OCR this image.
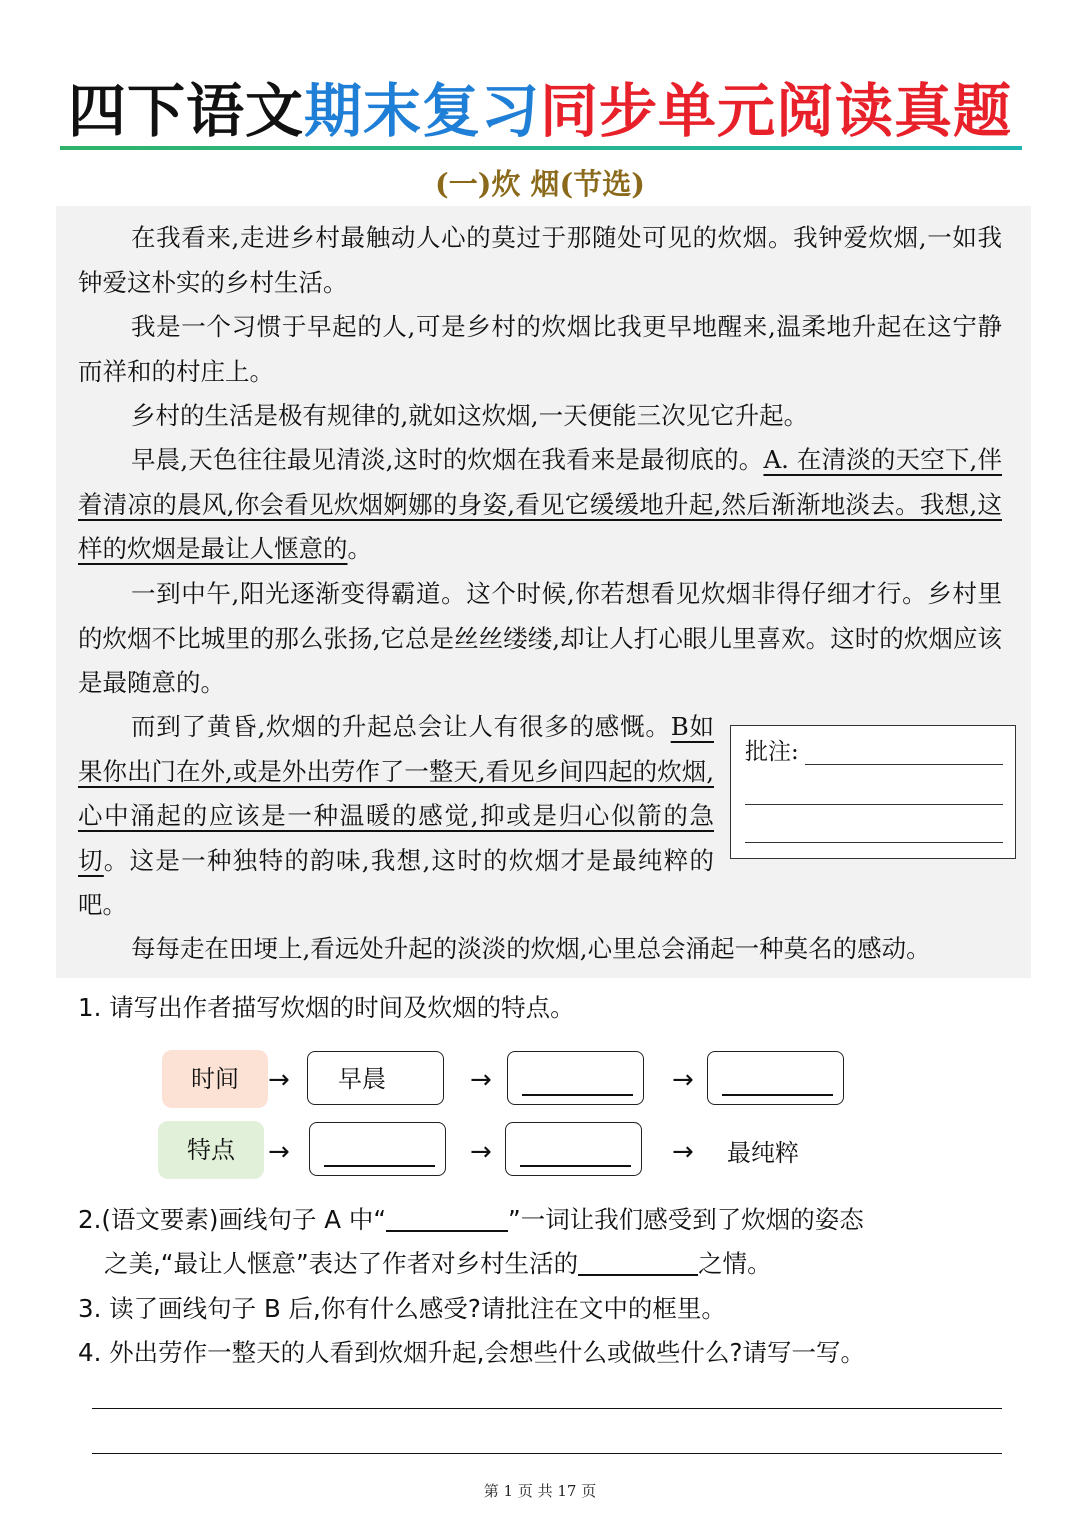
四下语文期末复习同步单元阅读真题
(一)炊 烟(节选)
在我看来,走进乡村最触动人心的莫过于那随处可见的炊烟。我钟爱炊烟,一如我钟爱这朴实的乡村生活。
我是一个习惯于早起的人,可是乡村的炊烟比我更早地醒来,温柔地升起在这宁静而祥和的村庄上。
乡村的生活是极有规律的,就如这炊烟,一天便能三次见它升起。
早晨,天色往往最见清淡,这时的炊烟在我看来是最彻底的。A. 在清淡的天空下,伴着清凉的晨风,你会看见炊烟婀娜的身姿,看见它缓缓地升起,然后渐渐地淡去。我想,这样的炊烟是最让人惬意的。
一到中午,阳光逐渐变得霸道。这个时候,你若想看见炊烟非得仔细才行。乡村里的炊烟不比城里的那么张扬,它总是丝丝缕缕,却让人打心眼儿里喜欢。这时的炊烟应该是最随意的。
而到了黄昏,炊烟的升起总会让人有很多的感慨。B如果你出门在外,或是外出劳作了一整天,看见乡间四起的炊烟,心中涌起的应该是一种温暖的感觉,抑或是归心似箭的急切。这是一种独特的韵味,我想,这时的炊烟才是最纯粹的吧。
批注:
每每走在田埂上,看远处升起的淡淡的炊烟,心里总会涌起一种莫名的感动。
1. 请写出作者描写炊烟的时间及炊烟的特点。
时间	→ 早晨	→	→
特点	→	→	→ 最纯粹
2.(语文要素)画线句子 A 中“	”一词让我们感受到了炊烟的姿态
之美,“最让人惬意”表达了作者对乡村生活的	之情。
3. 读了画线句子 B 后,你有什么感受?请批注在文中的框里。
4. 外出劳作一整天的人看到炊烟升起,会想些什么或做些什么?请写一写。
第 1 页 共 17 页
